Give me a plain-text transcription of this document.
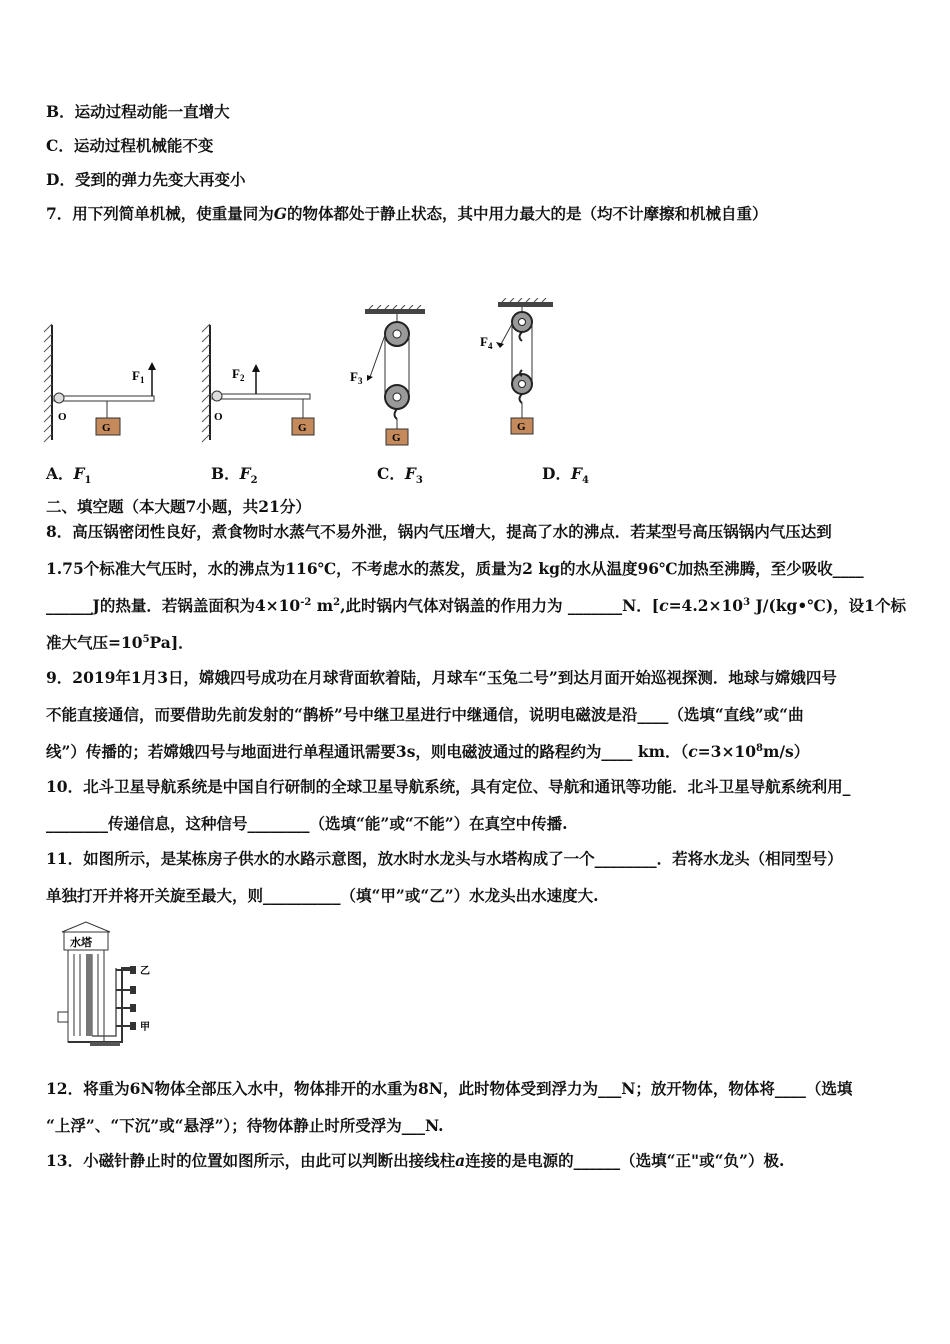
B．运动过程动能一直增大
C．运动过程机械能不变
D．受到的弹力先变大再变小
7．用下列简单机械，使重量同为G的物体都处于静止状态，其中用力最大的是（均不计摩擦和机械自重）
O
$F_1$
G
O
$F_2$
G
G
$F_3$
G
$F_4$
A．$F_1$	B．$F_2$	C．$F_3$	D．$F_4$
二、填空题（本大题7小题，共21分）
8．高压锅密闭性良好，煮食物时水蒸气不易外泄，锅内气压增大，提高了水的沸点．若某型号高压锅锅内气压达到
1.75个标准大气压时，水的沸点为116℃，不考虑水的蒸发，质量为2 kg的水从温度96℃加热至沸腾，至少吸收____
______J的热量．若锅盖面积为$4\times 10^{-2}$ $m^2$,此时锅内气体对锅盖的作用力为 _______N．[$c=4.2\times 10^3$ J/(kg•℃)，设1个标
准大气压$=10^5Pa$]．
9．2019年1月3日，嫦娥四号成功在月球背面软着陆，月球车“玉兔二号”到达月面开始巡视探测．地球与嫦娥四号
不能直接通信，而要借助先前发射的“鹊桥”号中继卫星进行中继通信，说明电磁波是沿____（选填“直线”或“曲
线”）传播的；若嫦娥四号与地面进行单程通讯需要3s，则电磁波通过的路程约为____ km．$(c=3\times 10^8m/s)$
10．北斗卫星导航系统是中国自行研制的全球卫星导航系统，具有定位、导航和通讯等功能．北斗卫星导航系统利用_
________传递信息，这种信号________（选填“能”或“不能”）在真空中传播.
11．如图所示，是某栋房子供水的水路示意图，放水时水龙头与水塔构成了一个________．若将水龙头（相同型号）
单独打开并将开关旋至最大，则__________（填“甲”或“乙”）水龙头出水速度大.
水塔
乙
甲
12．将重为6N物体全部压入水中，物体排开的水重为8N，此时物体受到浮力为___N；放开物体，物体将____（选填
“上浮”、“下沉”或“悬浮”）；待物体静止时所受浮为___N.
13．小磁针静止时的位置如图所示，由此可以判断出接线柱a连接的是电源的______（选填“正"或“负”）极.
